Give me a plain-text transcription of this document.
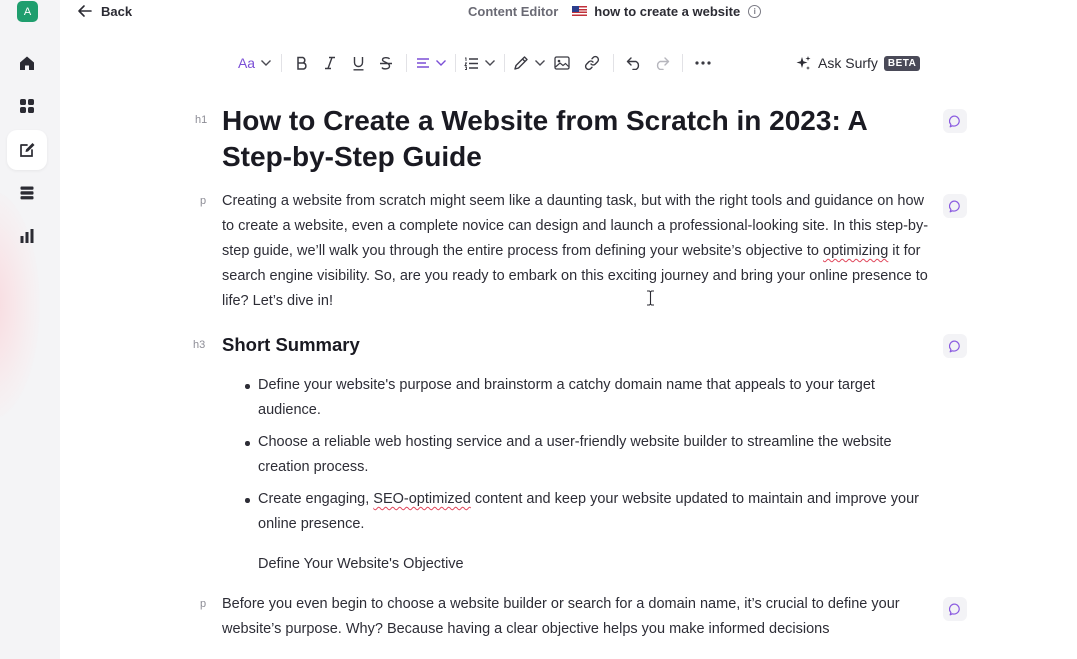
A	Back	Content Editor	how to create a website	i
Aa	Ask Surfy	BETA
h1 How to Create a Website from Scratch in 2023: A Step-by-Step Guide
p Creating a website from scratch might seem like a daunting task, but with the right tools and guidance on how to create a website, even a complete novice can design and launch a professional-looking site. In this step-by-step guide, we’ll walk you through the entire process from defining your website’s objective to optimizing it for search engine visibility. So, are you ready to embark on this exciting journey and bring your online presence to life? Let’s dive in!

h3 Short Summary
Define your website's purpose and brainstorm a catchy domain name that appeals to your target audience.
Choose a reliable web hosting service and a user-friendly website builder to streamline the website creation process.
Create engaging, SEO-optimized content and keep your website updated to maintain and improve your online presence.
Define Your Website's Objective
p Before you even begin to choose a website builder or search for a domain name, it’s crucial to define your website’s purpose. Why? Because having a clear objective helps you make informed decisions
